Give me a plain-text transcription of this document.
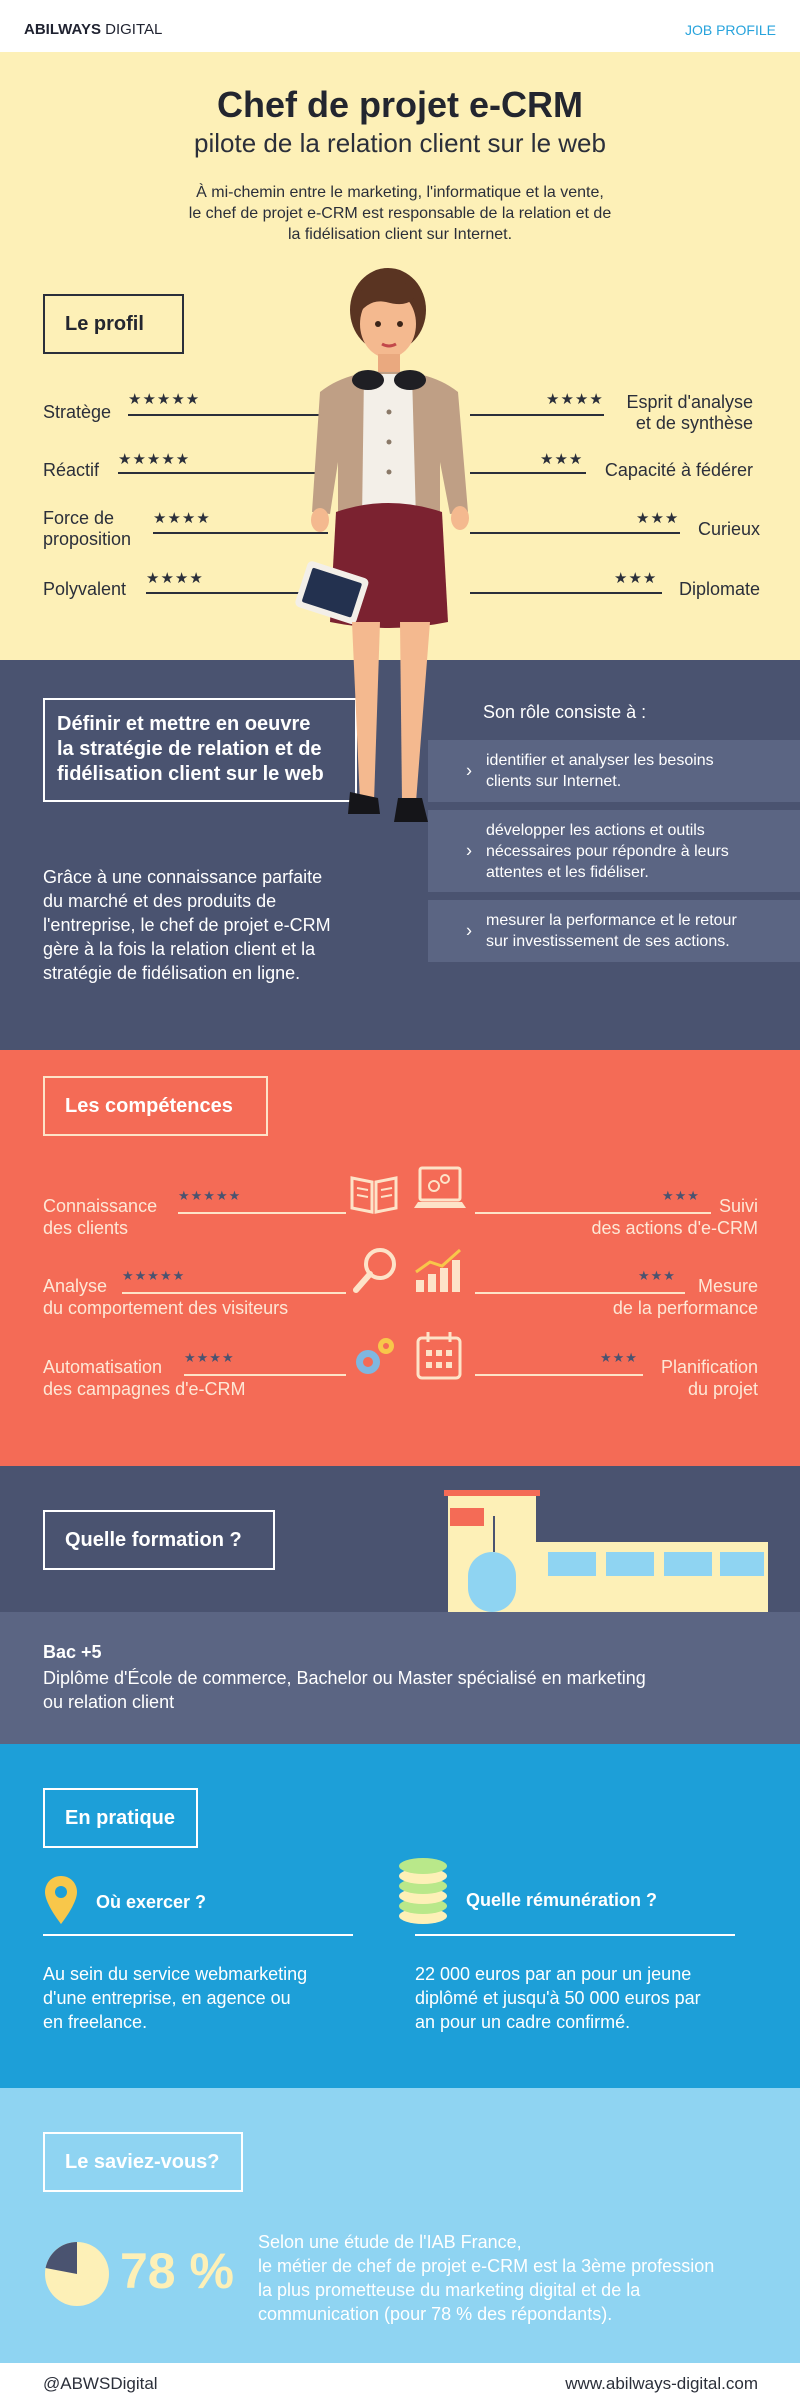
ABILWAYS DIGITAL	JOB PROFILE
Chef de projet e-CRM
pilote de la relation client sur le web
À mi-chemin entre le marketing, l'informatique et la vente,
le chef de projet e-CRM est responsable de la relation et de
la fidélisation client sur Internet.
Le profil
Stratège
★★★★★
Réactif
★★★★★
Force de
proposition
★★★★
Polyvalent
★★★★
Esprit d'analyse
et de synthèse
★★★★
Capacité à fédérer
★★★
Curieux
★★★
Diplomate
★★★
Définir et mettre en oeuvre
la stratégie de relation et de
fidélisation client sur le web
Grâce à une connaissance parfaite
du marché et des produits de
l'entreprise, le chef de projet e-CRM
gère à la fois la relation client et la
stratégie de fidélisation en ligne.
Son rôle consiste à :
› identifier et analyser les besoins
clients sur Internet.
›
développer les actions et outils
nécessaires pour répondre à leurs
attentes et les fidéliser.
› mesurer la performance et le retour
sur investissement de ses actions.
Les compétences
Connaissance
des clients
★★★★★
Analyse
du comportement des visiteurs
★★★★★
Automatisation
des campagnes d'e-CRM
★★★★
Suivi
des actions d'e-CRM
★★★
Mesure
de la performance
★★★
Planification
du projet
★★★
Quelle formation ?
Bac +5
Diplôme d'École de commerce, Bachelor ou Master spécialisé en marketing
ou relation client
En pratique
Où exercer ?
Au sein du service webmarketing
d'une entreprise, en agence ou
en freelance.
Quelle rémunération ?
22 000 euros par an pour un jeune
diplômé et jusqu'à 50 000 euros par
an pour un cadre confirmé.
Le saviez-vous?
78 %
Selon une étude de l'IAB France,
le métier de chef de projet e-CRM est la 3ème profession
la plus prometteuse du marketing digital et de la
communication (pour 78 % des répondants).
@ABWSDigital	www.abilways-digital.com
